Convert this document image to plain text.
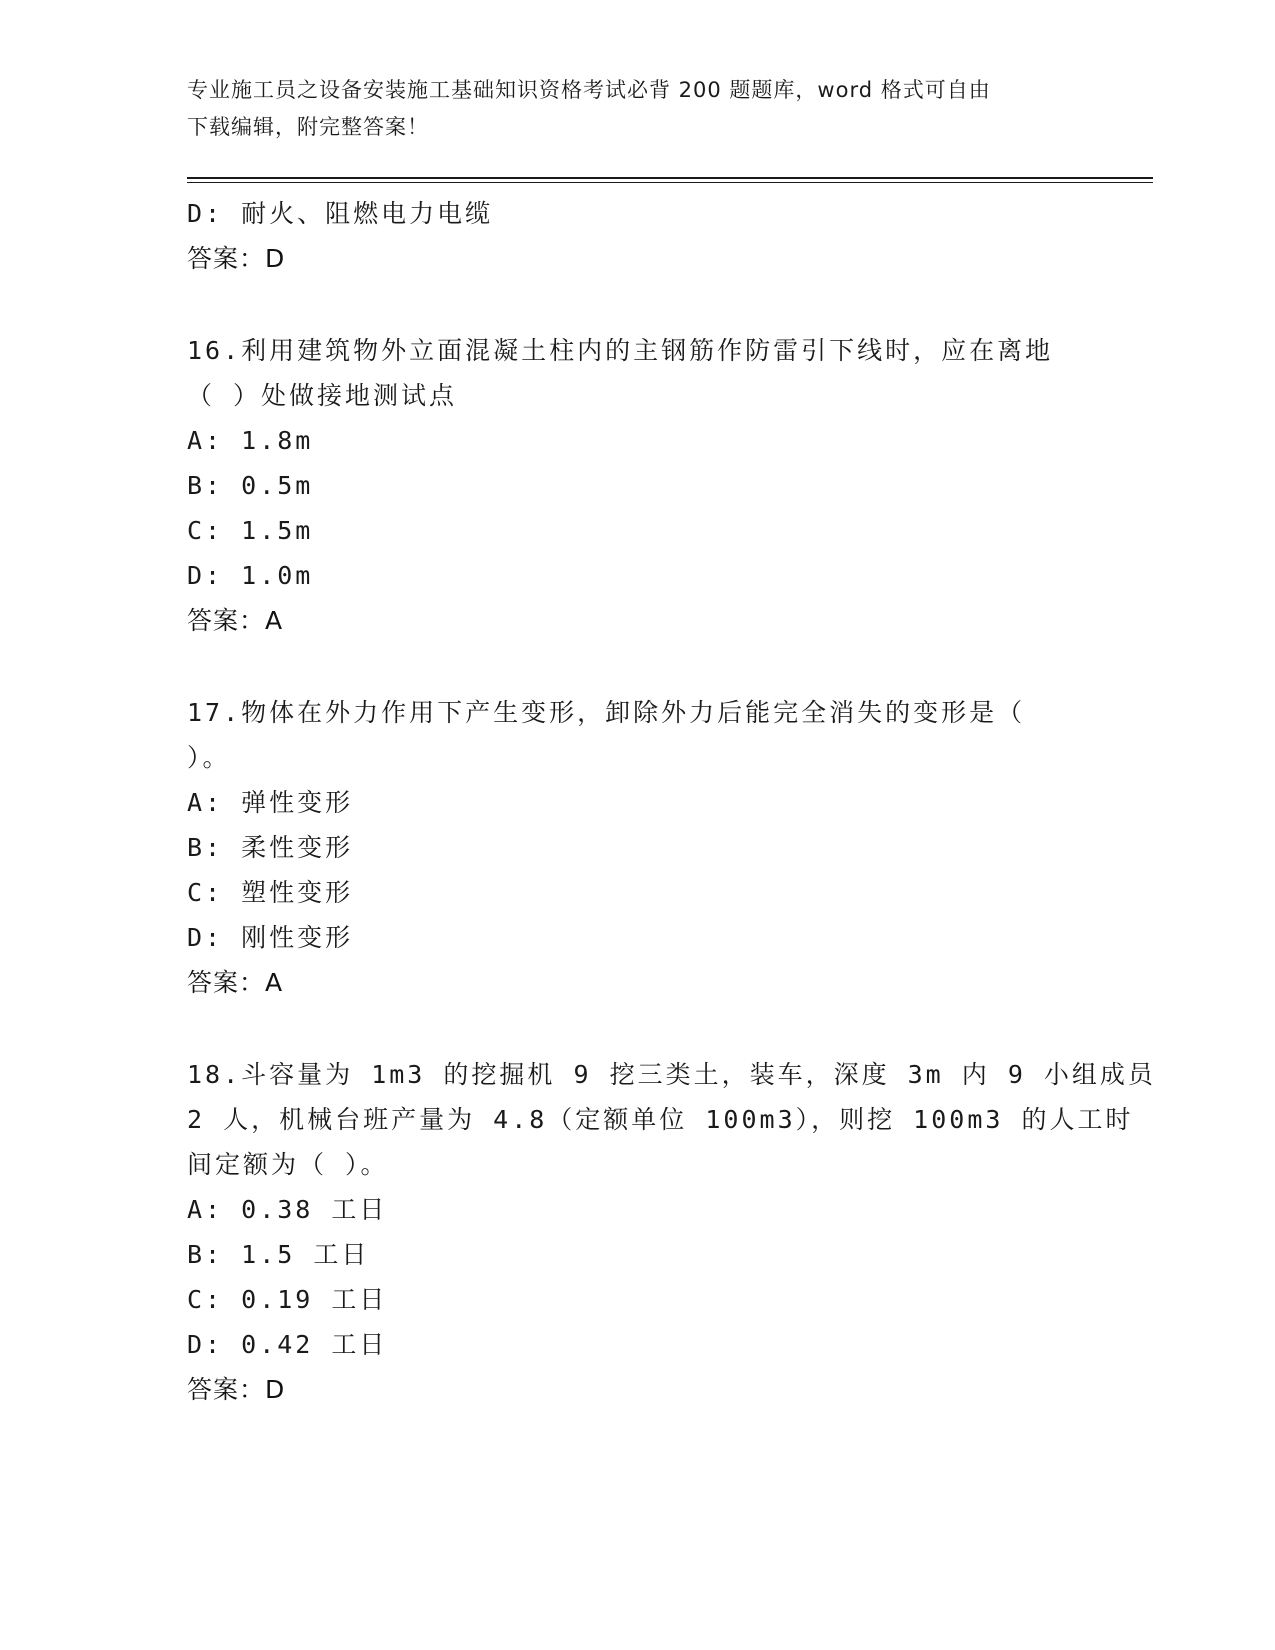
专业施工员之设备安装施工基础知识资格考试必背 200 题题库，word 格式可自由
下载编辑，附完整答案！
D: 耐火、阻燃电力电缆
答案：D
16.利用建筑物外立面混凝土柱内的主钢筋作防雷引下线时，应在离地
（ ）处做接地测试点
A: 1.8m
B: 0.5m
C: 1.5m
D: 1.0m
答案：A
17.物体在外力作用下产生变形，卸除外力后能完全消失的变形是（
）。
A: 弹性变形
B: 柔性变形
C: 塑性变形
D: 刚性变形
答案：A
18.斗容量为 1m3 的挖掘机 9 挖三类土，装车，深度 3m 内 9 小组成员
2 人，机械台班产量为 4.8（定额单位 100m3），则挖 100m3 的人工时
间定额为（ ）。
A: 0.38 工日
B: 1.5 工日
C: 0.19 工日
D: 0.42 工日
答案：D
